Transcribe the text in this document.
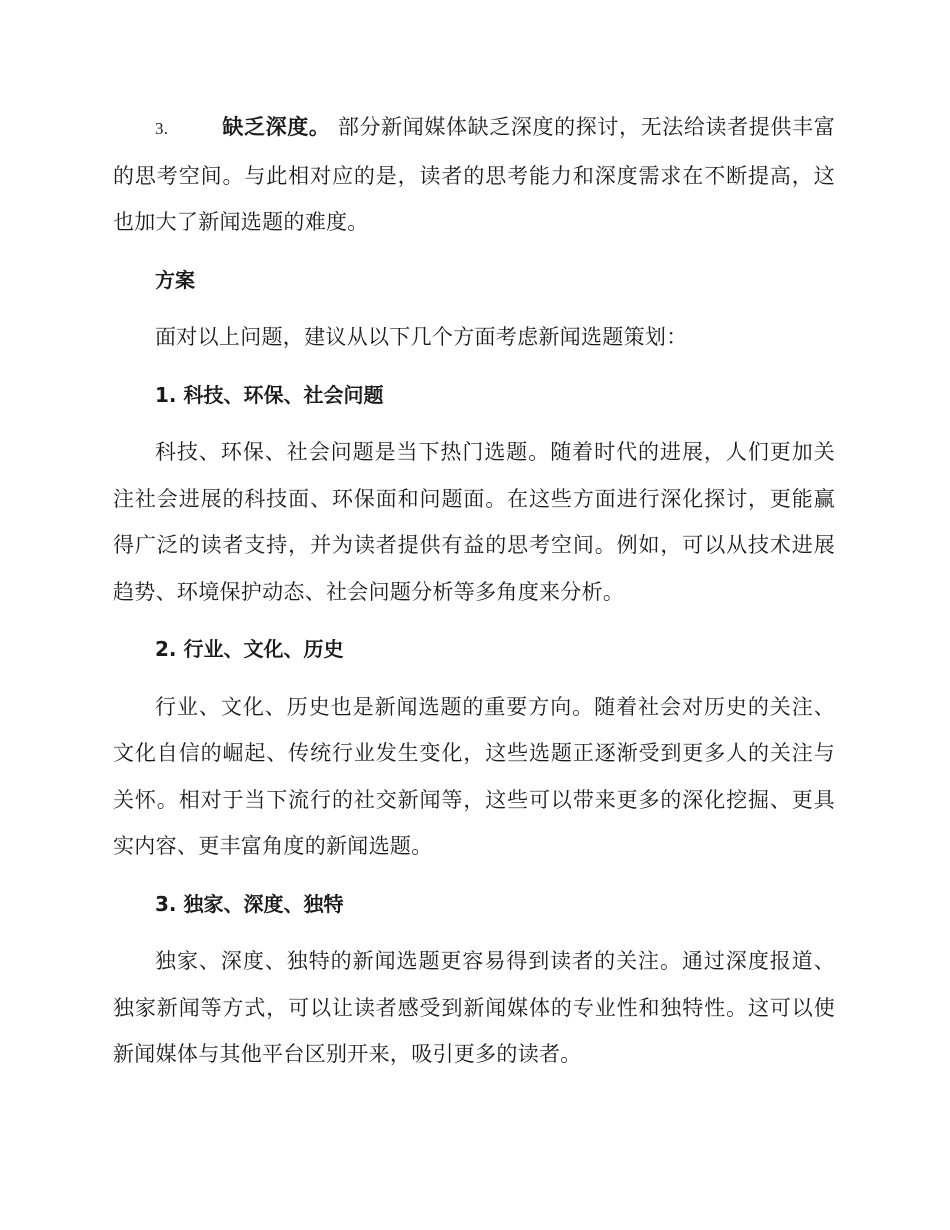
3.	缺乏深度。 部分新闻媒体缺乏深度的探讨，无法给读者提供丰富的思考空间。与此相对应的是，读者的思考能力和深度需求在不断提高，这也加大了新闻选题的难度。

方案

面对以上问题，建议从以下几个方面考虑新闻选题策划：

1. 科技、环保、社会问题

科技、环保、社会问题是当下热门选题。随着时代的进展，人们更加关注社会进展的科技面、环保面和问题面。在这些方面进行深化探讨，更能赢得广泛的读者支持，并为读者提供有益的思考空间。例如，可以从技术进展趋势、环境保护动态、社会问题分析等多角度来分析。

2. 行业、文化、历史

行业、文化、历史也是新闻选题的重要方向。随着社会对历史的关注、文化自信的崛起、传统行业发生变化，这些选题正逐渐受到更多人的关注与关怀。相对于当下流行的社交新闻等，这些可以带来更多的深化挖掘、更具实内容、更丰富角度的新闻选题。

3. 独家、深度、独特

独家、深度、独特的新闻选题更容易得到读者的关注。通过深度报道、独家新闻等方式，可以让读者感受到新闻媒体的专业性和独特性。这可以使新闻媒体与其他平台区别开来，吸引更多的读者。
